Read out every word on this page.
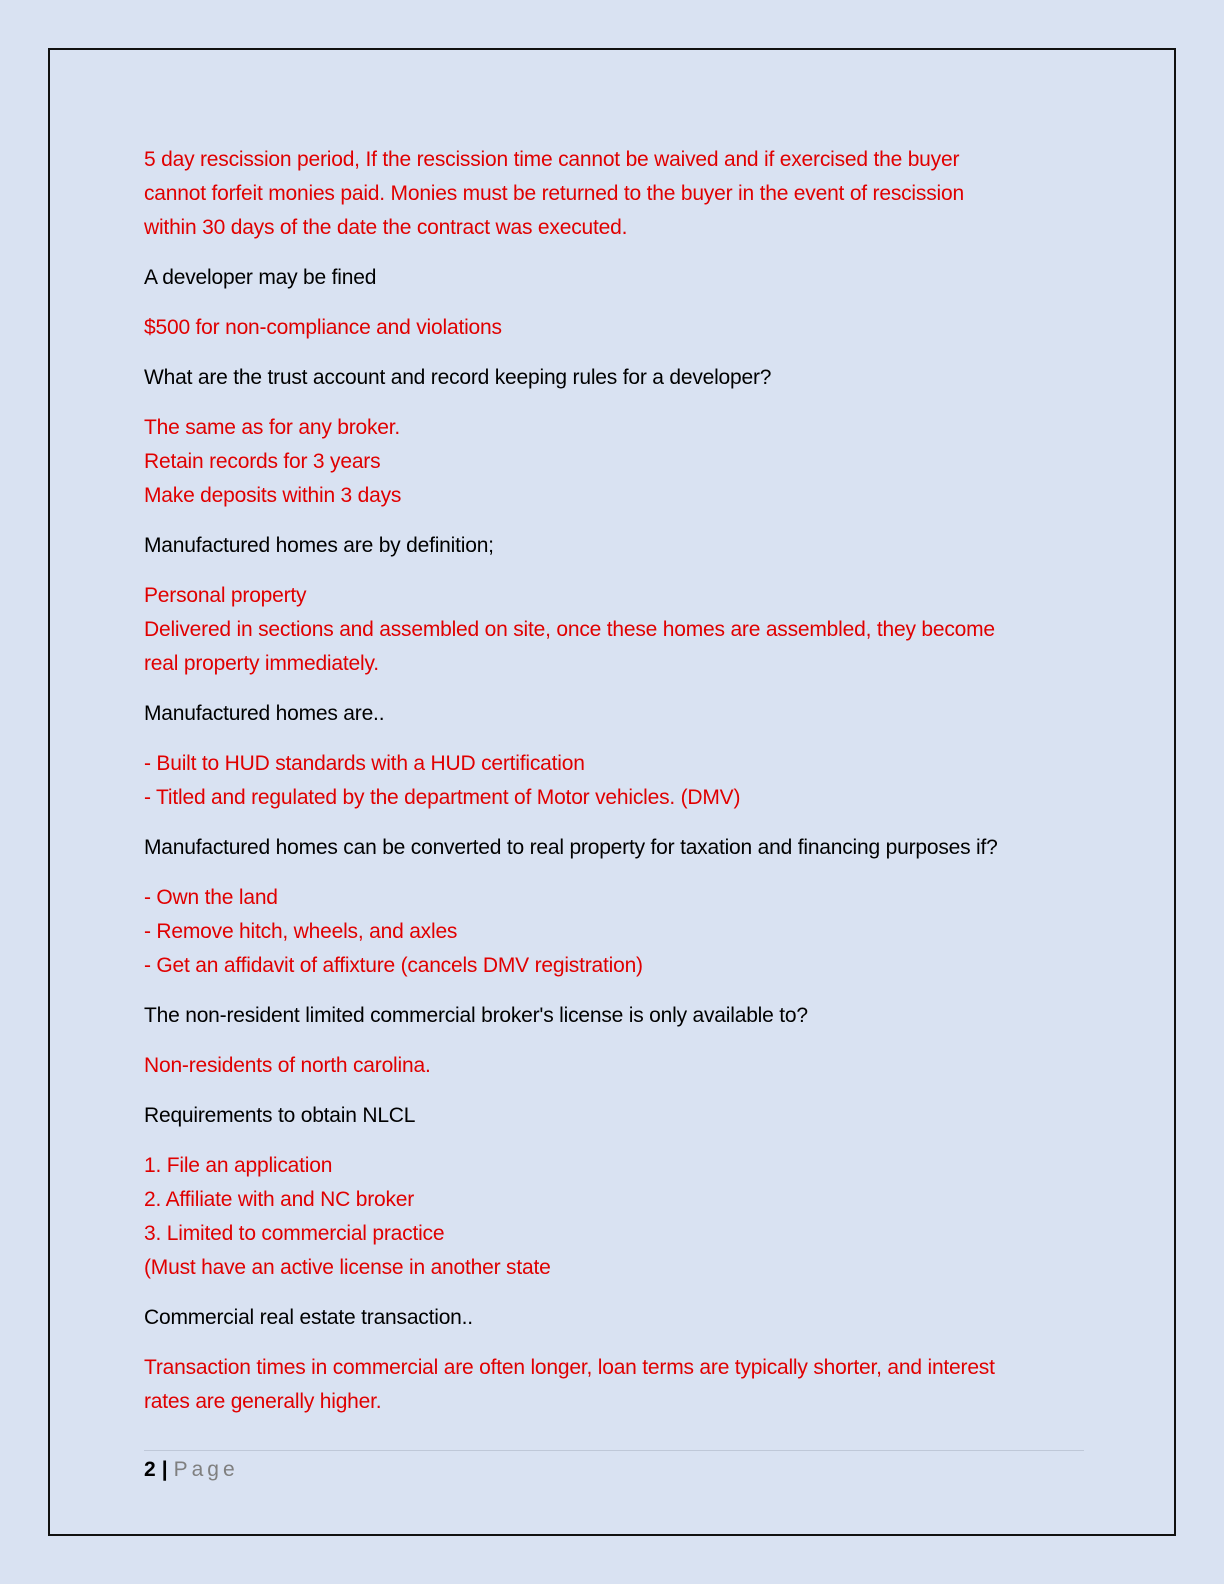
5 day rescission period, If the rescission time cannot be waived and if exercised the buyer
cannot forfeit monies paid. Monies must be returned to the buyer in the event of rescission
within 30 days of the date the contract was executed.
A developer may be fined
$500 for non-compliance and violations
What are the trust account and record keeping rules for a developer?
The same as for any broker.
Retain records for 3 years
Make deposits within 3 days
Manufactured homes are by definition;
Personal property
Delivered in sections and assembled on site, once these homes are assembled, they become
real property immediately.
Manufactured homes are..
- Built to HUD standards with a HUD certification
- Titled and regulated by the department of Motor vehicles. (DMV)
Manufactured homes can be converted to real property for taxation and financing purposes if?
- Own the land
- Remove hitch, wheels, and axles
- Get an affidavit of affixture (cancels DMV registration)
The non-resident limited commercial broker's license is only available to?
Non-residents of north carolina.
Requirements to obtain NLCL
1. File an application
2. Affiliate with and NC broker
3. Limited to commercial practice
(Must have an active license in another state
Commercial real estate transaction..
Transaction times in commercial are often longer, loan terms are typically shorter, and interest
rates are generally higher.
2 | Page
